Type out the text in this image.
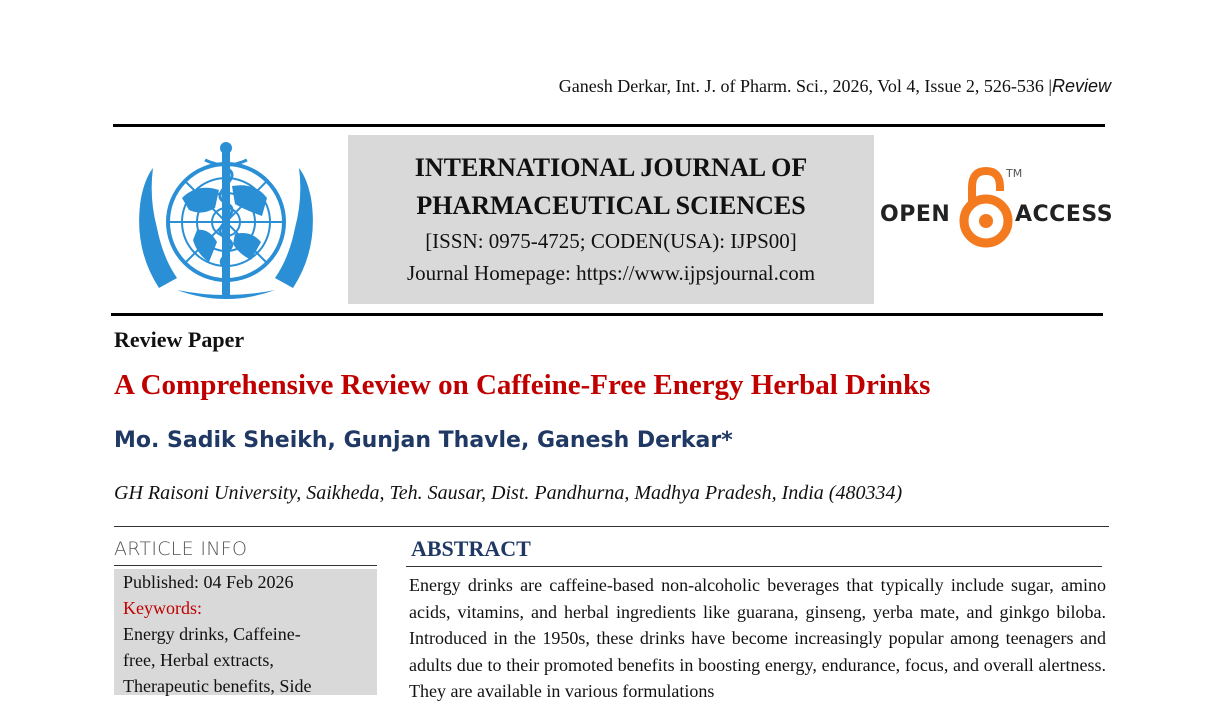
Ganesh Derkar, Int. J. of Pharm. Sci., 2026, Vol 4, Issue 2, 526-536 |Review
INTERNATIONAL JOURNAL OF
PHARMACEUTICAL SCIENCES
[ISSN: 0975-4725; CODEN(USA): IJPS00]
Journal Homepage: https://www.ijpsjournal.com
OPEN
TM
ACCESS
Review Paper
A Comprehensive Review on Caffeine-Free Energy Herbal Drinks
Mo. Sadik Sheikh, Gunjan Thavle, Ganesh Derkar*
GH Raisoni University, Saikheda, Teh. Sausar, Dist. Pandhurna, Madhya Pradesh, India (480334)
ARTICLE INFO
Published: 04 Feb 2026
Keywords:
Energy drinks, Caffeine-
free, Herbal extracts,
Therapeutic benefits, Side
ABSTRACT
Energy drinks are caffeine-based non-alcoholic beverages that typically include sugar, amino acids, vitamins, and herbal ingredients like guarana, ginseng, yerba mate, and ginkgo biloba. Introduced in the 1950s, these drinks have become increasingly popular among teenagers and adults due to their promoted benefits in boosting energy, endurance, focus, and overall alertness. They are available in various formulations
